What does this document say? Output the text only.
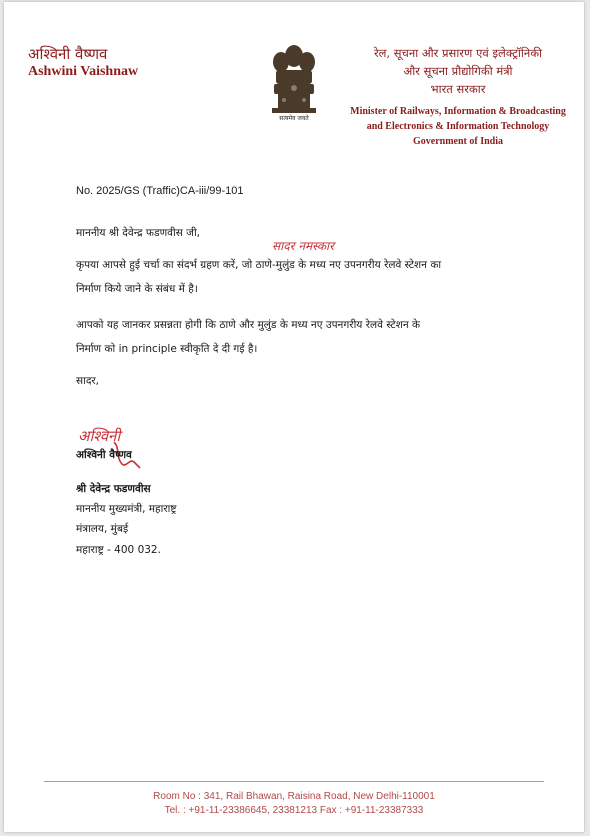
अश्विनी वैष्णव
Ashwini Vaishnaw
सत्यमेव जयते
रेल, सूचना और प्रसारण एवं इलेक्ट्रॉनिकी
और सूचना प्रौद्योगिकी मंत्री
भारत सरकार
Minister of Railways, Information & Broadcasting
and Electronics & Information Technology
Government of India
No. 2025/GS (Traffic)CA-iii/99-101
माननीय श्री देवेन्द्र फडणवीस जी,
सादर नमस्कार
कृपया आपसे हुई चर्चा का संदर्भ ग्रहण करें, जो ठाणे-मुलुंड के मध्य नए उपनगरीय रेलवे स्टेशन का
निर्माण किये जाने के संबंध में है।
आपको यह जानकर प्रसन्नता होगी कि ठाणे और मुलुंड के मध्य नए उपनगरीय रेलवे स्टेशन के
निर्माण को in principle स्वीकृति दे दी गई है।
सादर,
अश्विनी
अश्विनी वैष्णव
श्री देवेन्द्र फडणवीस
माननीय मुख्यमंत्री, महाराष्ट्र
मंत्रालय, मुंबई
महाराष्ट्र - 400 032.
Room No : 341, Rail Bhawan, Raisina Road, New Delhi-110001
Tel. : +91-11-23386645, 23381213 Fax : +91-11-23387333
